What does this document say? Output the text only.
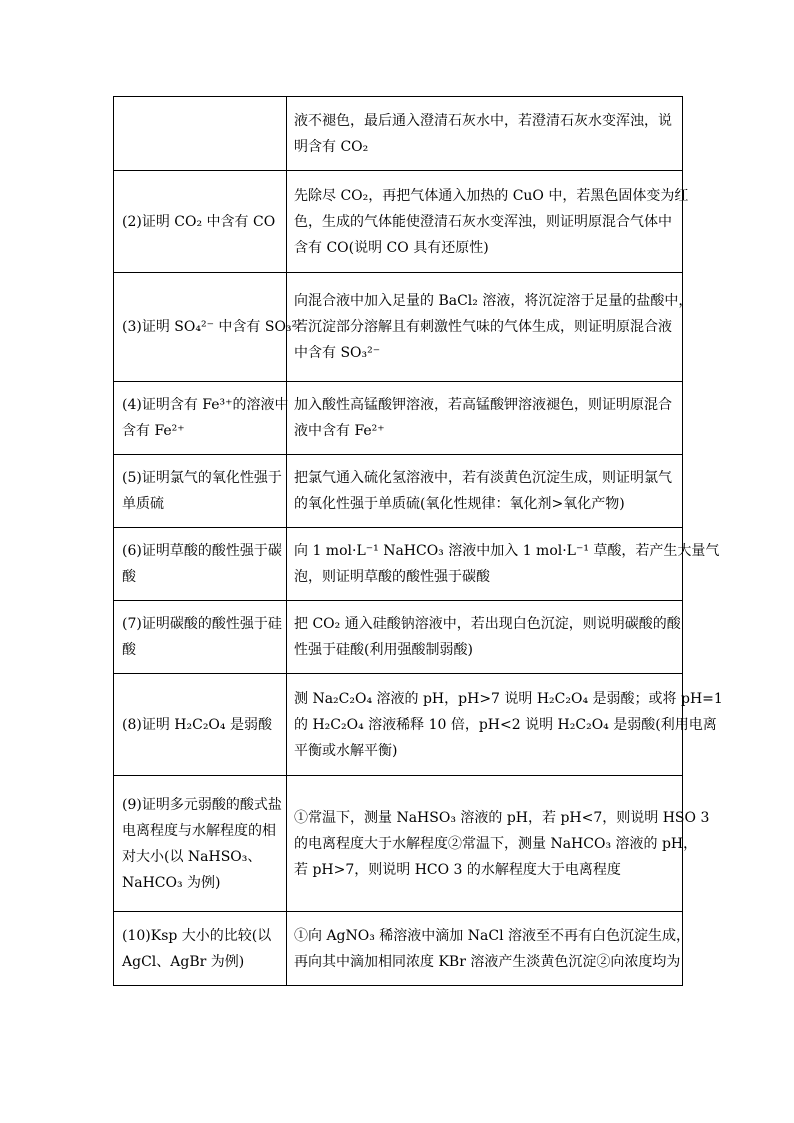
	液不褪色，最后通入澄清石灰水中，若澄清石灰水变浑浊，说
明含有 CO₂

(2)证明 CO₂ 中含有 CO	先除尽 CO₂，再把气体通入加热的 CuO 中，若黑色固体变为红
色，生成的气体能使澄清石灰水变浑浊，则证明原混合气体中
含有 CO(说明 CO 具有还原性)

(3)证明 SO₄²⁻ 中含有 SO₃²⁻	向混合液中加入足量的 BaCl₂ 溶液，将沉淀溶于足量的盐酸中，
若沉淀部分溶解且有刺激性气味的气体生成，则证明原混合液
中含有 SO₃²⁻

(4)证明含有 Fe³⁺的溶液中
含有 Fe²⁺	加入酸性高锰酸钾溶液，若高锰酸钾溶液褪色，则证明原混合
液中含有 Fe²⁺

(5)证明氯气的氧化性强于
单质硫	把氯气通入硫化氢溶液中，若有淡黄色沉淀生成，则证明氯气
的氧化性强于单质硫(氧化性规律：氧化剂>氧化产物)

(6)证明草酸的酸性强于碳
酸	向 1 mol·L⁻¹ NaHCO₃ 溶液中加入 1 mol·L⁻¹ 草酸，若产生大量气
泡，则证明草酸的酸性强于碳酸

(7)证明碳酸的酸性强于硅
酸	把 CO₂ 通入硅酸钠溶液中，若出现白色沉淀，则说明碳酸的酸
性强于硅酸(利用强酸制弱酸)

(8)证明 H₂C₂O₄ 是弱酸	测 Na₂C₂O₄ 溶液的 pH，pH>7 说明 H₂C₂O₄ 是弱酸；或将 pH=1
的 H₂C₂O₄ 溶液稀释 10 倍，pH<2 说明 H₂C₂O₄ 是弱酸(利用电离
平衡或水解平衡)

(9)证明多元弱酸的酸式盐
电离程度与水解程度的相
对大小(以 NaHSO₃、
NaHCO₃ 为例)	①常温下，测量 NaHSO₃ 溶液的 pH，若 pH<7，则说明 HSO 3
的电离程度大于水解程度②常温下，测量 NaHCO₃ 溶液的 pH，
若 pH>7，则说明 HCO 3 的水解程度大于电离程度

(10)Ksp 大小的比较(以
AgCl、AgBr 为例)	①向 AgNO₃ 稀溶液中滴加 NaCl 溶液至不再有白色沉淀生成，
再向其中滴加相同浓度 KBr 溶液产生淡黄色沉淀②向浓度均为
